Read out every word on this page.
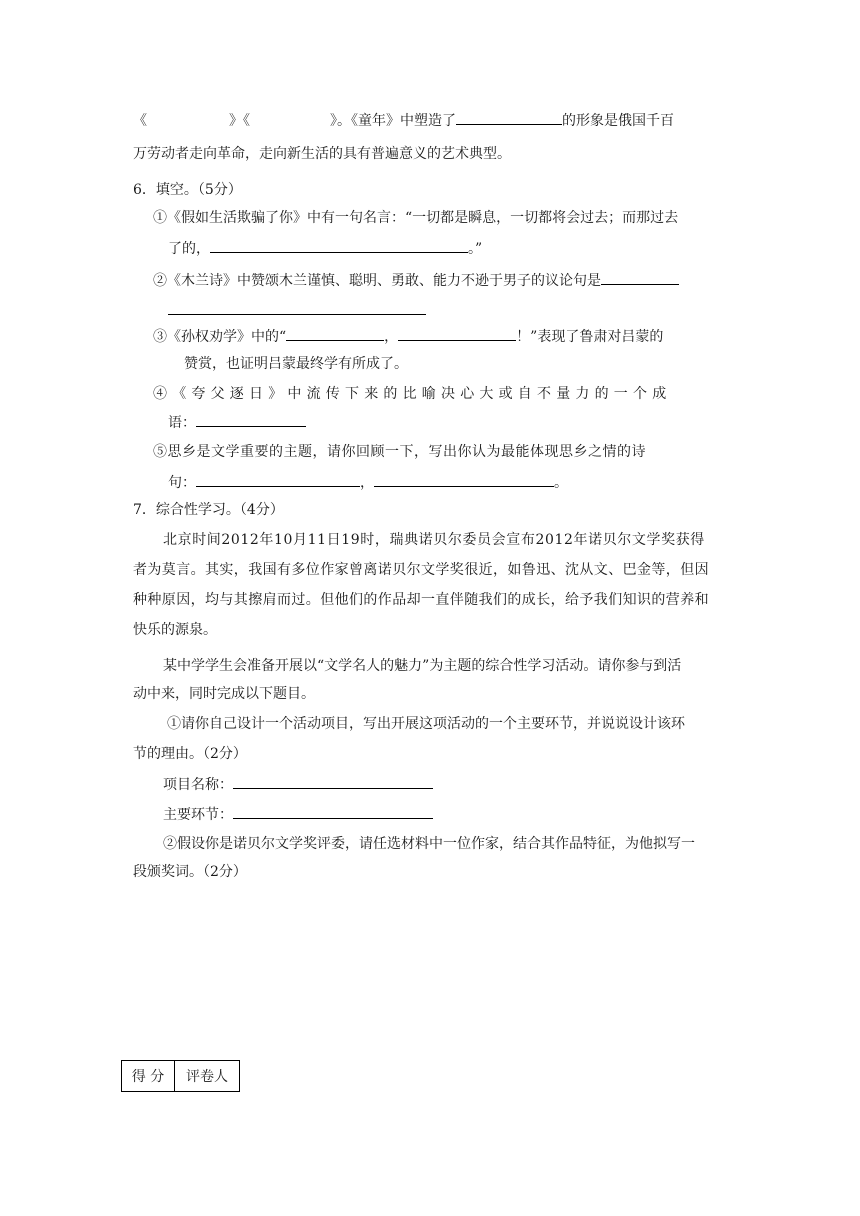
《	》《	》。《童年》中塑造了	的形象是俄国千百
万劳动者走向革命，走向新生活的具有普遍意义的艺术典型。
6．填空。（5分）
①《假如生活欺骗了你》中有一句名言：“一切都是瞬息，一切都将会过去；而那过去
了的，	。”
②《木兰诗》中赞颂木兰谨慎、聪明、勇敢、能力不逊于男子的议论句是
③《孙权劝学》中的“	，	！”表现了鲁肃对吕蒙的
赞赏，也证明吕蒙最终学有所成了。
④《夸父逐日》中流传下来的比喻决心大或自不量力的一个成
语：
⑤思乡是文学重要的主题，请你回顾一下，写出你认为最能体现思乡之情的诗
句：	，	。
7．综合性学习。（4分）
北京时间2012年10月11日19时，瑞典诺贝尔委员会宣布2012年诺贝尔文学奖获得
者为莫言。其实，我国有多位作家曾离诺贝尔文学奖很近，如鲁迅、沈从文、巴金等，但因
种种原因，均与其擦肩而过。但他们的作品却一直伴随我们的成长，给予我们知识的营养和
快乐的源泉。
某中学学生会准备开展以“文学名人的魅力”为主题的综合性学习活动。请你参与到活
动中来，同时完成以下题目。
①请你自己设计一个活动项目，写出开展这项活动的一个主要环节，并说说设计该环
节的理由。（2分）
项目名称：
主要环节：
②假设你是诺贝尔文学奖评委，请任选材料中一位作家，结合其作品特征，为他拟写一
段颁奖词。（2分）
得 分	评卷人
